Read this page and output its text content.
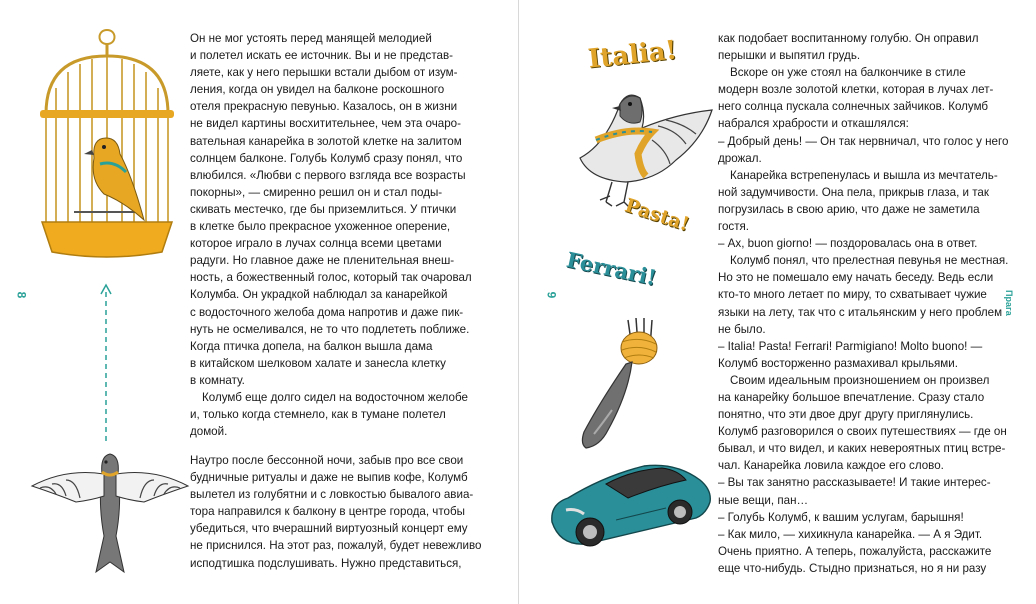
8

Он не мог устоять перед манящей мелодией

и полетел искать ее источник. Вы и не представ-

ляете, как у него перышки встали дыбом от изум-

ления, когда он увидел на балконе роскошного

отеля прекрасную певунью. Казалось, он в жизни

не видел картины восхитительнее, чем эта очаро-

вательная канарейка в золотой клетке на залитом

солнцем балконе. Голубь Колумб сразу понял, что

влюбился. «Любви с первого взгляда все возрасты

покорны», — смиренно решил он и стал поды-

скивать местечко, где бы приземлиться. У птички

в клетке было прекрасное ухоженное оперение,

которое играло в лучах солнца всеми цветами

радуги. Но главное даже не пленительная внеш-

ность, а божественный голос, который так очаровал

Колумба. Он украдкой наблюдал за канарейкой

с водосточного желоба дома напротив и даже пик-

нуть не осмеливался, не то что подлететь поближе.

Когда птичка допела, на балкон вышла дама

в китайском шелковом халате и занесла клетку

в комнату.

Колумб еще долго сидел на водосточном желобе

и, только когда стемнело, как в тумане полетел

домой.

Наутро после бессонной ночи, забыв про все свои

будничные ритуалы и даже не выпив кофе, Колумб

вылетел из голубятни и с ловкостью бывалого авиа-

тора направился к балкону в центре города, чтобы

убедиться, что вчерашний виртуозный концерт ему

не приснился. На этот раз, пожалуй, будет невежливо

исподтишка подслушивать. Нужно представиться,

9	Прага
Italia!
Pasta!
Ferrari!

как подобает воспитанному голубю. Он оправил

перышки и выпятил грудь.

Вскоре он уже стоял на балкончике в стиле

модерн возле золотой клетки, которая в лучах лет-

него солнца пускала солнечных зайчиков. Колумб

набрался храбрости и откашлялся:

– Добрый день! — Он так нервничал, что голос у него

дрожал.

Канарейка встрепенулась и вышла из мечтатель-

ной задумчивости. Она пела, прикрыв глаза, и так

погрузилась в свою арию, что даже не заметила

гостя.

– Ах, buon giorno! — поздоровалась она в ответ.

Колумб понял, что прелестная певунья не местная.

Но это не помешало ему начать беседу. Ведь если

кто-то много летает по миру, то схватывает чужие

языки на лету, так что с итальянским у него проблем

не было.

– Italia! Pasta! Ferrari! Parmigiano! Molto buono! —

Колумб восторженно размахивал крыльями.

Своим идеальным произношением он произвел

на канарейку большое впечатление. Сразу стало

понятно, что эти двое друг другу приглянулись.

Колумб разговорился о своих путешествиях — где он

бывал, и что видел, и каких невероятных птиц встре-

чал. Канарейка ловила каждое его слово.

– Вы так занятно рассказываете! И такие интерес-

ные вещи, пан…

– Голубь Колумб, к вашим услугам, барышня!

– Как мило, — хихикнула канарейка. — А я Эдит.

Очень приятно. А теперь, пожалуйста, расскажите

еще что-нибудь. Стыдно признаться, но я ни разу
